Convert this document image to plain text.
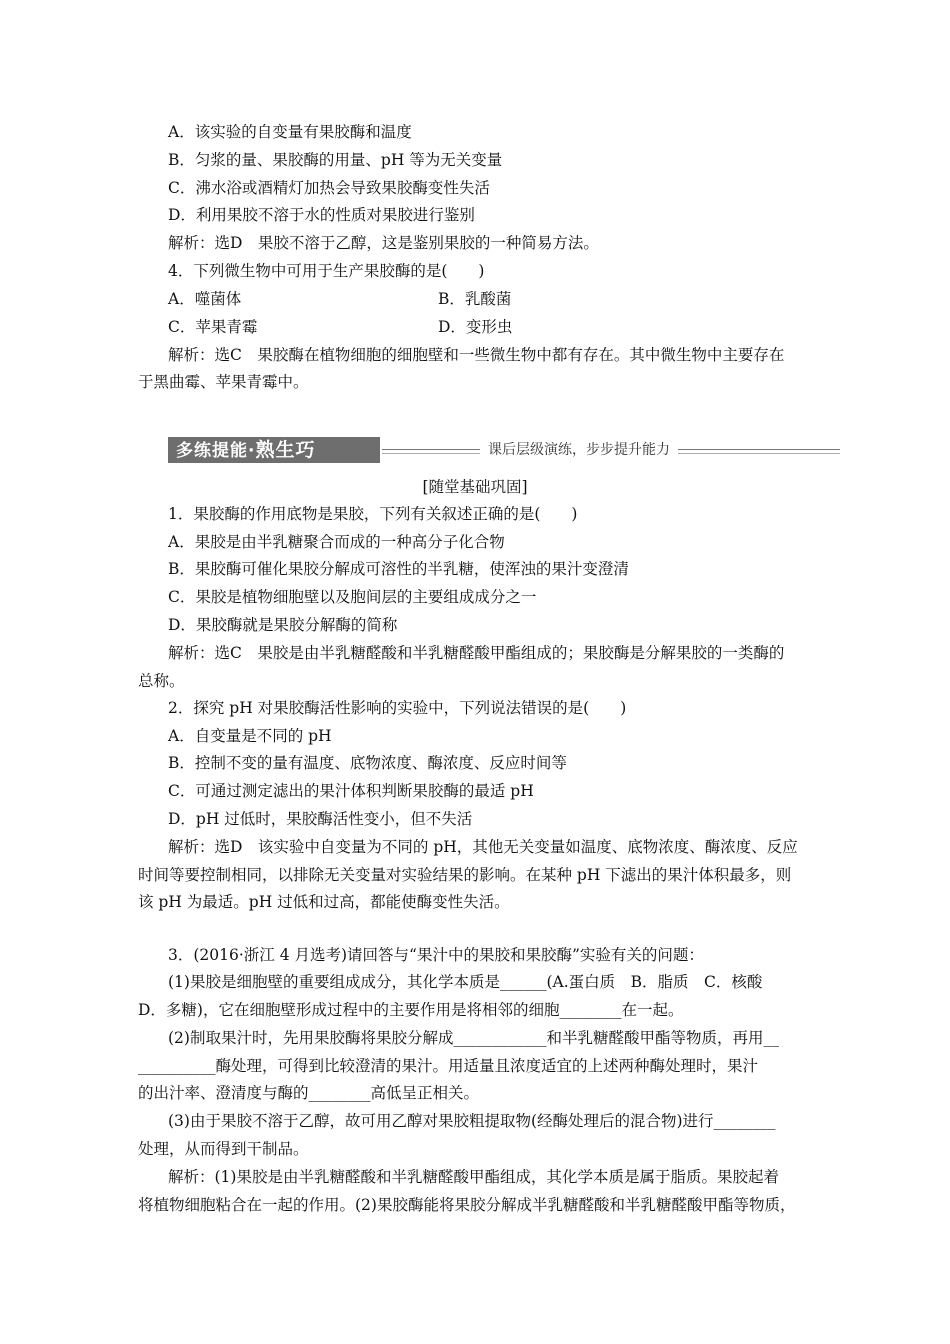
A．该实验的自变量有果胶酶和温度
B．匀浆的量、果胶酶的用量、pH 等为无关变量
C．沸水浴或酒精灯加热会导致果胶酶变性失活
D．利用果胶不溶于水的性质对果胶进行鉴别
解析：选D　果胶不溶于乙醇，这是鉴别果胶的一种简易方法。
4．下列微生物中可用于生产果胶酶的是(　　)
A．噬菌体	B．乳酸菌
C．苹果青霉	D．变形虫
解析：选C　果胶酶在植物细胞的细胞壁和一些微生物中都有存在。其中微生物中主要存在
于黑曲霉、苹果青霉中。
多练提能·熟生巧	课后层级演练，步步提升能力
[随堂基础巩固]
1．果胶酶的作用底物是果胶，下列有关叙述正确的是(　　)
A．果胶是由半乳糖聚合而成的一种高分子化合物
B．果胶酶可催化果胶分解成可溶性的半乳糖，使浑浊的果汁变澄清
C．果胶是植物细胞壁以及胞间层的主要组成成分之一
D．果胶酶就是果胶分解酶的简称
解析：选C　果胶是由半乳糖醛酸和半乳糖醛酸甲酯组成的；果胶酶是分解果胶的一类酶的
总称。
2．探究 pH 对果胶酶活性影响的实验中，下列说法错误的是(　　)
A．自变量是不同的 pH
B．控制不变的量有温度、底物浓度、酶浓度、反应时间等
C．可通过测定滤出的果汁体积判断果胶酶的最适 pH
D．pH 过低时，果胶酶活性变小，但不失活
解析：选D　该实验中自变量为不同的 pH，其他无关变量如温度、底物浓度、酶浓度、反应
时间等要控制相同，以排除无关变量对实验结果的影响。在某种 pH 下滤出的果汁体积最多，则
该 pH 为最适。pH 过低和过高，都能使酶变性失活。
3．(2016·浙江 4 月选考)请回答与“果汁中的果胶和果胶酶”实验有关的问题：
(1)果胶是细胞壁的重要组成成分，其化学本质是______(A.蛋白质　B．脂质　C．核酸
D．多糖)，它在细胞壁形成过程中的主要作用是将相邻的细胞________在一起。
(2)制取果汁时，先用果胶酶将果胶分解成____________和半乳糖醛酸甲酯等物质，再用__
__________酶处理，可得到比较澄清的果汁。用适量且浓度适宜的上述两种酶处理时，果汁
的出汁率、澄清度与酶的________高低呈正相关。
(3)由于果胶不溶于乙醇，故可用乙醇对果胶粗提取物(经酶处理后的混合物)进行________
处理，从而得到干制品。
解析：(1)果胶是由半乳糖醛酸和半乳糖醛酸甲酯组成，其化学本质是属于脂质。果胶起着
将植物细胞粘合在一起的作用。(2)果胶酶能将果胶分解成半乳糖醛酸和半乳糖醛酸甲酯等物质，
